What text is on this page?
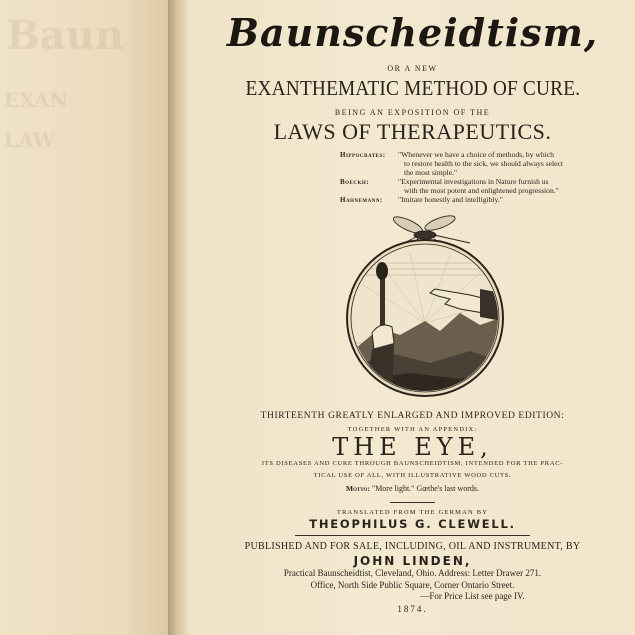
Baun
EXAN
LAW
Baunscheidtism,
OR A NEW
EXANTHEMATIC METHOD OF CURE.
BEING AN EXPOSITION OF THE
LAWS OF THERAPEUTICS.
Hippocrates: "Whenever we have a choice of methods, by which
to restore health to the sick, we should always select
the most simple."
Boeckh:	"Experimental investigations in Nature furnish us
with the most potent and enlightened progression."
Hahnemann: "Imitate honestly and intelligibly."
THIRTEENTH GREATLY ENLARGED AND IMPROVED EDITION:
TOGETHER WITH AN APPENDIX:
THE EYE,
ITS DISEASES AND CURE THROUGH BAUNSCHEIDTISM, INTENDED FOR THE PRAC-
TICAL USE OF ALL, WITH ILLUSTRATIVE WOOD CUTS.
Motto: "More light." Gœthe's last words.
TRANSLATED FROM THE GERMAN BY
THEOPHILUS G. CLEWELL.
PUBLISHED AND FOR SALE, INCLUDING, OIL AND INSTRUMENT, BY
JOHN LINDEN,
Practical Baunscheidtist, Cleveland, Ohio. Address: Letter Drawer 271.
Office, North Side Public Square, Corner Ontario Street.
—For Price List see page IV.
1874.
